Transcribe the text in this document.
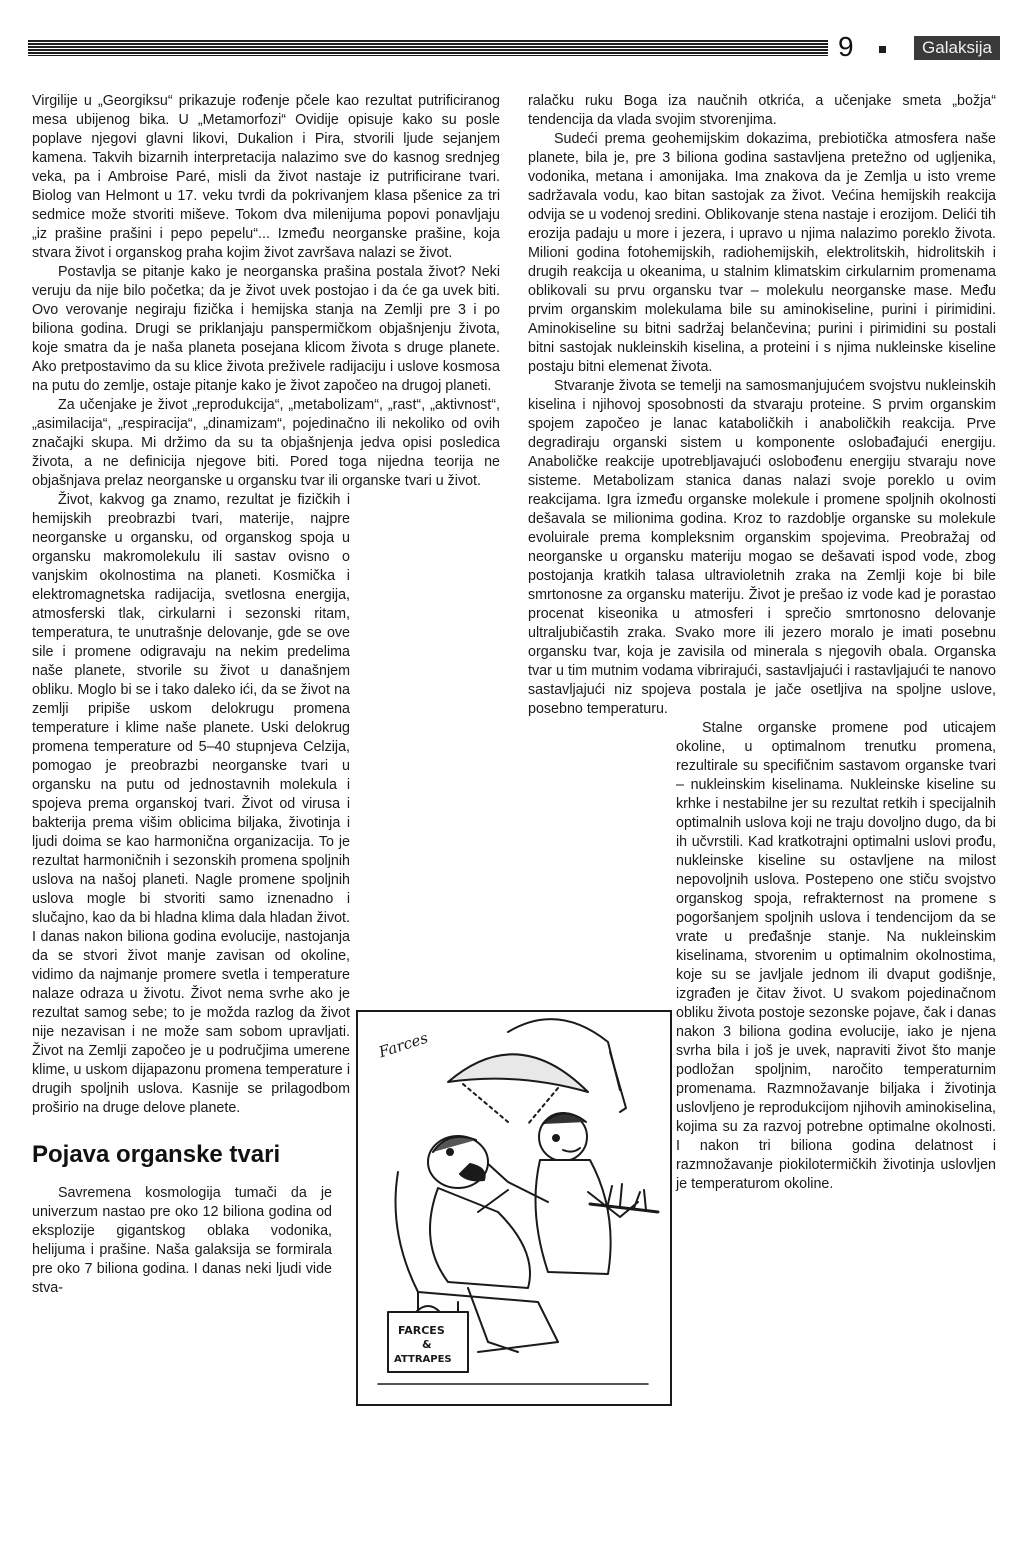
9	Galaksija

Virgilije u „Georgiksu“ prikazuje rođenje pčele kao rezultat putrificiranog mesa ubijenog bika. U „Metamorfozi“ Ovidije opisuje kako su posle poplave njegovi glavni likovi, Dukalion i Pira, stvorili ljude sejanjem kamena. Takvih bizarnih interpretacija nalazimo sve do kasnog srednjeg veka, pa i Ambroise Paré, misli da život nastaje iz putrificirane tvari. Biolog van Helmont u 17. veku tvrdi da pokrivanjem klasa pšenice za tri sedmice može stvoriti miševe. Tokom dva milenijuma popovi ponavljaju „iz prašine prašini i pepo pepelu“... Između neorganske prašine, koja stvara život i organskog praha kojim život završava nalazi se život.

Postavlja se pitanje kako je neorganska prašina postala život? Neki veruju da nije bilo početka; da je život uvek postojao i da će ga uvek biti. Ovo verovanje negiraju fizička i hemijska stanja na Zemlji pre 3 i po biliona godina. Drugi se priklanjaju panspermičkom objašnjenju života, koje smatra da je naša planeta posejana klicom života s druge planete. Ako pretpostavimo da su klice života preživele radijaciju i uslove kosmosa na putu do zemlje, ostaje pitanje kako je život započeo na drugoj planeti.

Za učenjake je život „reprodukcija“, „metabolizam“, „rast“, „aktivnost“, „asimilacija“, „respiracija“, „dinamizam“, pojedinačno ili nekoliko od ovih značajki skupa. Mi držimo da su ta objašnjenja jedva opisi posledica života, a ne definicija njegove biti. Pored toga nijedna teorija ne objašnjava prelaz neorganske u organsku tvar ili organske tvari u život.

Život, kakvog ga znamo, rezultat je fizičkih i hemijskih preobrazbi tvari, materije, najpre neorganske u organsku, od organskog spoja u organsku makromolekulu ili sastav ovisno o vanjskim okolnostima na planeti. Kosmička i elektromagnetska radijacija, svetlosna energija, atmosferski tlak, cirkularni i sezonski ritam, temperatura, te unutrašnje delovanje, gde se ove sile i promene odigravaju na nekim predelima naše planete, stvorile su život u današnjem obliku. Moglo bi se i tako daleko ići, da se život na zemlji pripiše uskom delokrugu promena temperature i klime naše planete. Uski delokrug promena temperature od 5–40 stupnjeva Celzija, pomogao je preobrazbi neorganske tvari u organsku na putu od jednostavnih molekula i spojeva prema organskoj tvari. Život od virusa i bakterija prema višim oblicima biljaka, životinja i ljudi doima se kao harmonična organizacija. To je rezultat harmoničnih i sezonskih promena spoljnih uslova na našoj planeti. Nagle promene spoljnih uslova mogle bi stvoriti samo iznenadno i slučajno, kao da bi hladna klima dala hladan život. I danas nakon biliona godina evolucije, nastojanja da se stvori život manje zavisan od okoline, vidimo da najmanje promere svetla i temperature nalaze odraza u životu. Život nema svrhe ako je rezultat samog sebe; to je možda razlog da život nije nezavisan i ne može sam sobom upravljati. Život na Zemlji započeo je u područjima umerene klime, u uskom dijapazonu promena temperature i drugih spoljnih uslova. Kasnije se prilagodbom proširio na druge delove planete.

Pojava organske tvari

Savremena kosmologija tumači da je univerzum nastao pre oko 12 biliona godina od eksplozije gigantskog oblaka vodonika, helijuma i prašine. Naša galaksija se formirala pre oko 7 biliona godina. I danas neki ljudi vide stva-

ralačku ruku Boga iza naučnih otkrića, a učenjake smeta „božja“ tendencija da vlada svojim stvorenjima.

Sudeći prema geohemijskim dokazima, prebiotička atmosfera naše planete, bila je, pre 3 biliona godina sastavljena pretežno od ugljenika, vodonika, metana i amonijaka. Ima znakova da je Zemlja u isto vreme sadržavala vodu, kao bitan sastojak za život. Većina hemijskih reakcija odvija se u vodenoj sredini. Oblikovanje stena nastaje i erozijom. Delići tih erozija padaju u more i jezera, i upravo u njima nalazimo poreklo života. Milioni godina fotohemijskih, radiohemijskih, elektrolitskih, hidrolitskih i drugih reakcija u okeanima, u stalnim klimatskim cirkularnim promenama oblikovali su prvu organsku tvar – molekulu neorganske mase. Među prvim organskim molekulama bile su aminokiseline, purini i pirimidini. Aminokiseline su bitni sadržaj belančevina; purini i pirimidini su postali bitni sastojak nukleinskih kiselina, a proteini i s njima nukleinske kiseline postaju bitni elemenat života.

Stvaranje života se temelji na samosmanjujućem svojstvu nukleinskih kiselina i njihovoj sposobnosti da stvaraju proteine. S prvim organskim spojem započeo je lanac kataboličkih i anaboličkih reakcija. Prve degradiraju organski sistem u komponente oslobađajući energiju. Anaboličke reakcije upotrebljavajući oslobođenu energiju stvaraju nove sisteme. Metabolizam stanica danas nalazi svoje poreklo u ovim reakcijama. Igra između organske molekule i promene spoljnih okolnosti dešavala se milionima godina. Kroz to razdoblje organske su molekule evoluirale prema kompleksnim organskim spojevima. Preobražaj od neorganske u organsku materiju mogao se dešavati ispod vode, zbog postojanja kratkih talasa ultravioletnih zraka na Zemlji koje bi bile smrtonosne za organsku materiju. Život je prešao iz vode kad je porastao procenat kiseonika u atmosferi i sprečio smrtonosno delovanje ultraljubičastih zraka. Svako more ili jezero moralo je imati posebnu organsku tvar, koja je zavisila od minerala s njegovih obala. Organska tvar u tim mutnim vodama vibrirajući, sastavljajući i rastavljajući te nanovo sastavljajući niz spojeva postala je jače osetljiva na spoljne uslove, posebno temperaturu.

Stalne organske promene pod uticajem okoline, u optimalnom trenutku promena, rezultirale su specifičnim sastavom organske tvari – nukleinskim kiselinama. Nukleinske kiseline su krhke i nestabilne jer su rezultat retkih i specijalnih optimalnih uslova koji ne traju dovoljno dugo, da bi ih učvrstili. Kad kratkotrajni optimalni uslovi prođu, nukleinske kiseline su ostavljene na milost nepovoljnih uslova. Postepeno one stiču svojstvo organskog spoja, refrakternost na promene s pogoršanjem spoljnih uslova i tendencijom da se vrate u pređašnje stanje. Na nukleinskim kiselinama, stvorenim u optimalnim okolnostima, koje su se javljale jednom ili dvaput godišnje, izgrađen je čitav život. U svakom pojedinačnom obliku života postoje sezonske pojave, čak i danas nakon 3 biliona godina evolucije, iako je njena svrha bila i još je uvek, napraviti život što manje podložan spoljnim, naročito temperaturnim promenama. Razmnožavanje biljaka i životinja uslovljeno je reprodukcijom njihovih aminokiselina, kojima su za razvoj potrebne optimalne okolnosti. I nakon tri biliona godina delatnost i razmnožavanje piokilotermičkih životinja uslovljen je temperaturom okoline.

Farces
FARCES
&
ATTRAPES
